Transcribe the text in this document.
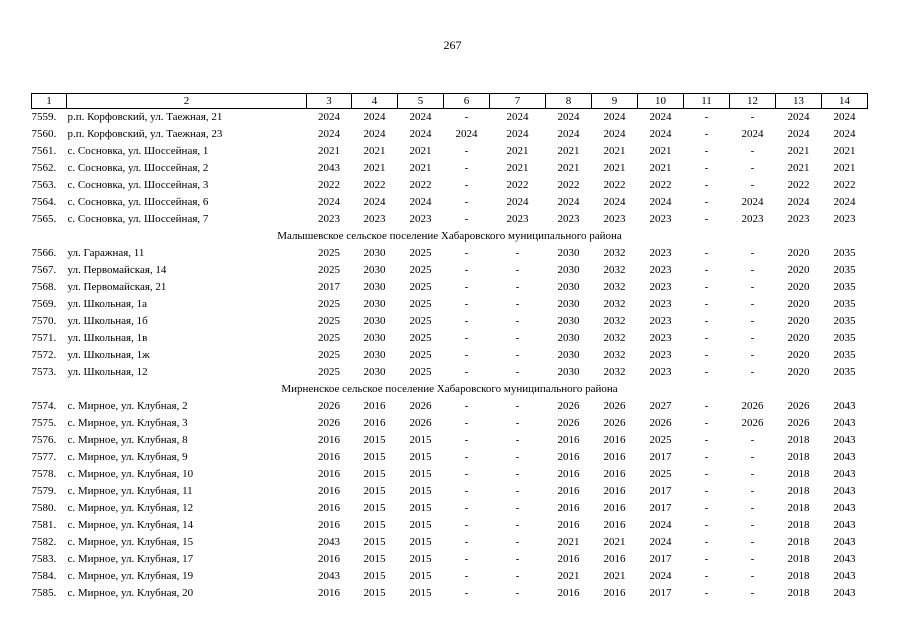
267
1	2	3	4	5	6	7	8	9	10	11	12	13	14
7559. р.п. Корфовский, ул. Таежная, 21		2024	2024	2024	-	2024	2024	2024	2024	-	-	2024	2024
7560. р.п. Корфовский, ул. Таежная, 23		2024	2024	2024	2024	2024	2024	2024	2024	-	2024	2024	2024
7561. с. Сосновка, ул. Шоссейная, 1		2021	2021	2021	-	2021	2021	2021	2021	-	-	2021	2021
7562. с. Сосновка, ул. Шоссейная, 2		2043	2021	2021	-	2021	2021	2021	2021	-	-	2021	2021
7563. с. Сосновка, ул. Шоссейная, 3		2022	2022	2022	-	2022	2022	2022	2022	-	-	2022	2022
7564. с. Сосновка, ул. Шоссейная, 6		2024	2024	2024	-	2024	2024	2024	2024	-	2024	2024	2024
7565. с. Сосновка, ул. Шоссейная, 7		2023	2023	2023	-	2023	2023	2023	2023	-	2023	2023	2023
Малышевское сельское поселение Хабаровского муниципального района													
7566. ул. Гаражная, 11		2025	2030	2025	-	-	2030	2032	2023	-	-	2020	2035
7567. ул. Первомайская, 14		2025	2030	2025	-	-	2030	2032	2023	-	-	2020	2035
7568. ул. Первомайская, 21		2017	2030	2025	-	-	2030	2032	2023	-	-	2020	2035
7569. ул. Школьная, 1а		2025	2030	2025	-	-	2030	2032	2023	-	-	2020	2035
7570. ул. Школьная, 1б		2025	2030	2025	-	-	2030	2032	2023	-	-	2020	2035
7571. ул. Школьная, 1в		2025	2030	2025	-	-	2030	2032	2023	-	-	2020	2035
7572. ул. Школьная, 1ж		2025	2030	2025	-	-	2030	2032	2023	-	-	2020	2035
7573. ул. Школьная, 12		2025	2030	2025	-	-	2030	2032	2023	-	-	2020	2035
Мирненское сельское поселение Хабаровского муниципального района													
7574. с. Мирное, ул. Клубная, 2		2026	2016	2026	-	-	2026	2026	2027	-	2026	2026	2043
7575. с. Мирное, ул. Клубная, 3		2026	2016	2026	-	-	2026	2026	2026	-	2026	2026	2043
7576. с. Мирное, ул. Клубная, 8		2016	2015	2015	-	-	2016	2016	2025	-	-	2018	2043
7577. с. Мирное, ул. Клубная, 9		2016	2015	2015	-	-	2016	2016	2017	-	-	2018	2043
7578. с. Мирное, ул. Клубная, 10		2016	2015	2015	-	-	2016	2016	2025	-	-	2018	2043
7579. с. Мирное, ул. Клубная, 11		2016	2015	2015	-	-	2016	2016	2017	-	-	2018	2043
7580. с. Мирное, ул. Клубная, 12		2016	2015	2015	-	-	2016	2016	2017	-	-	2018	2043
7581. с. Мирное, ул. Клубная, 14		2016	2015	2015	-	-	2016	2016	2024	-	-	2018	2043
7582. с. Мирное, ул. Клубная, 15		2043	2015	2015	-	-	2021	2021	2024	-	-	2018	2043
7583. с. Мирное, ул. Клубная, 17		2016	2015	2015	-	-	2016	2016	2017	-	-	2018	2043
7584. с. Мирное, ул. Клубная, 19		2043	2015	2015	-	-	2021	2021	2024	-	-	2018	2043
7585. с. Мирное, ул. Клубная, 20		2016	2015	2015	-	-	2016	2016	2017	-	-	2018	2043
